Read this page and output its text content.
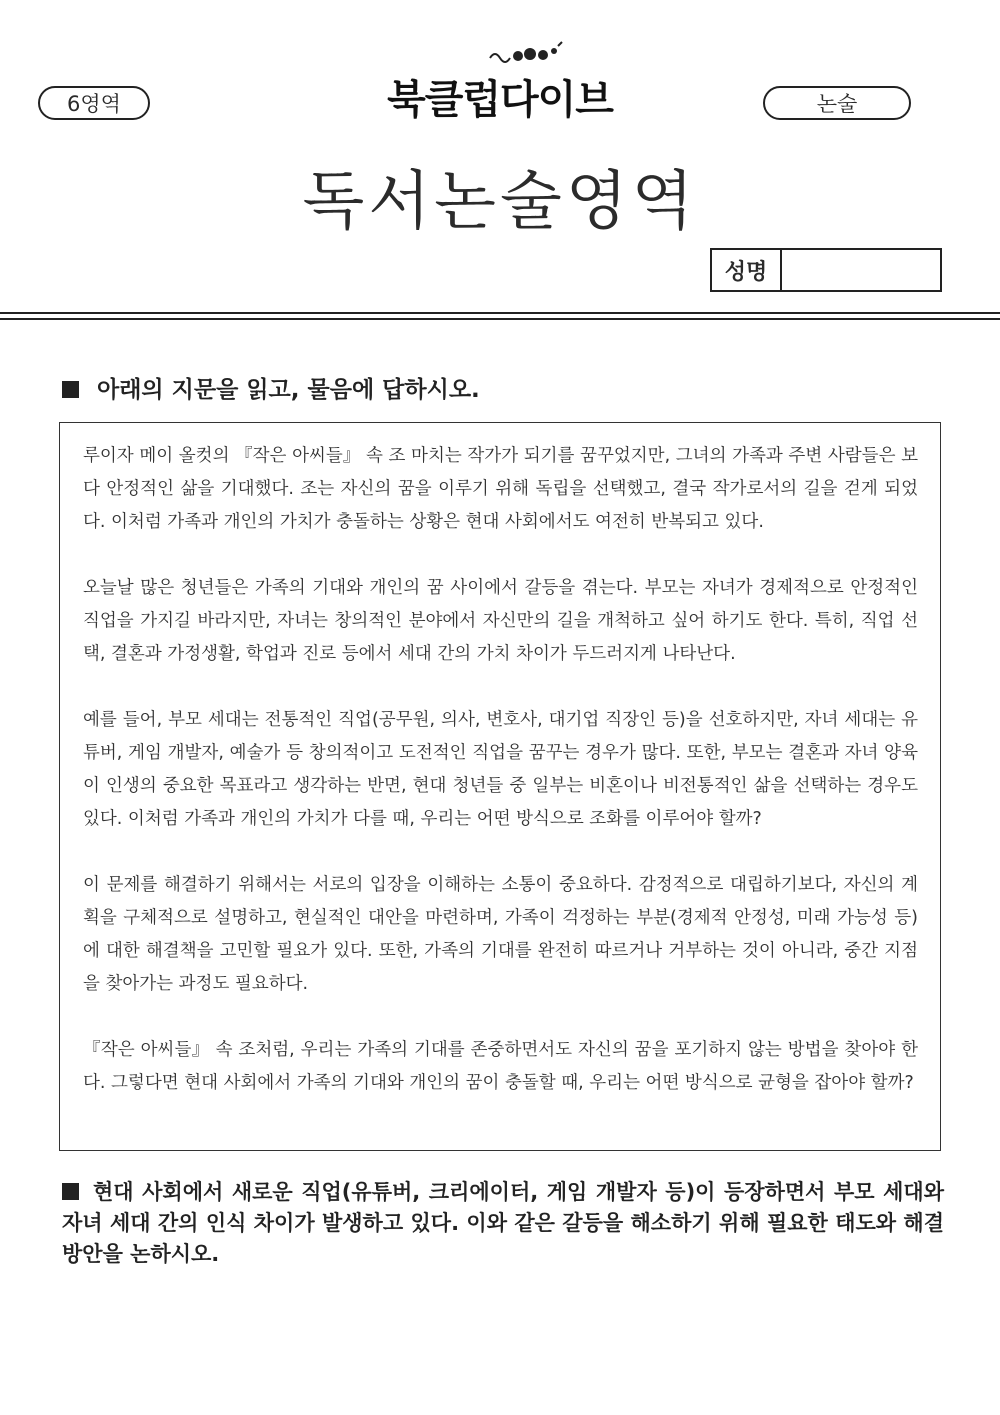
6영역	북클럽다이브	논술
독서논술영역
성명
아래의 지문을 읽고, 물음에 답하시오.

루이자 메이 올컷의 『작은 아씨들』 속 조 마치는 작가가 되기를 꿈꾸었지만, 그녀의 가족과 주변 사람들은 보다 안정적인 삶을 기대했다. 조는 자신의 꿈을 이루기 위해 독립을 선택했고, 결국 작가로서의 길을 걷게 되었다. 이처럼 가족과 개인의 가치가 충돌하는 상황은 현대 사회에서도 여전히 반복되고 있다.

오늘날 많은 청년들은 가족의 기대와 개인의 꿈 사이에서 갈등을 겪는다. 부모는 자녀가 경제적으로 안정적인 직업을 가지길 바라지만, 자녀는 창의적인 분야에서 자신만의 길을 개척하고 싶어 하기도 한다. 특히, 직업 선택, 결혼과 가정생활, 학업과 진로 등에서 세대 간의 가치 차이가 두드러지게 나타난다.

예를 들어, 부모 세대는 전통적인 직업(공무원, 의사, 변호사, 대기업 직장인 등)을 선호하지만, 자녀 세대는 유튜버, 게임 개발자, 예술가 등 창의적이고 도전적인 직업을 꿈꾸는 경우가 많다. 또한, 부모는 결혼과 자녀 양육이 인생의 중요한 목표라고 생각하는 반면, 현대 청년들 중 일부는 비혼이나 비전통적인 삶을 선택하는 경우도 있다. 이처럼 가족과 개인의 가치가 다를 때, 우리는 어떤 방식으로 조화를 이루어야 할까?

이 문제를 해결하기 위해서는 서로의 입장을 이해하는 소통이 중요하다. 감정적으로 대립하기보다, 자신의 계획을 구체적으로 설명하고, 현실적인 대안을 마련하며, 가족이 걱정하는 부분(경제적 안정성, 미래 가능성 등)에 대한 해결책을 고민할 필요가 있다. 또한, 가족의 기대를 완전히 따르거나 거부하는 것이 아니라, 중간 지점을 찾아가는 과정도 필요하다.

『작은 아씨들』 속 조처럼, 우리는 가족의 기대를 존중하면서도 자신의 꿈을 포기하지 않는 방법을 찾아야 한다. 그렇다면 현대 사회에서 가족의 기대와 개인의 꿈이 충돌할 때, 우리는 어떤 방식으로 균형을 잡아야 할까?

현대 사회에서 새로운 직업(유튜버, 크리에이터, 게임 개발자 등)이 등장하면서 부모 세대와 자녀 세대 간의 인식 차이가 발생하고 있다. 이와 같은 갈등을 해소하기 위해 필요한 태도와 해결 방안을 논하시오.
